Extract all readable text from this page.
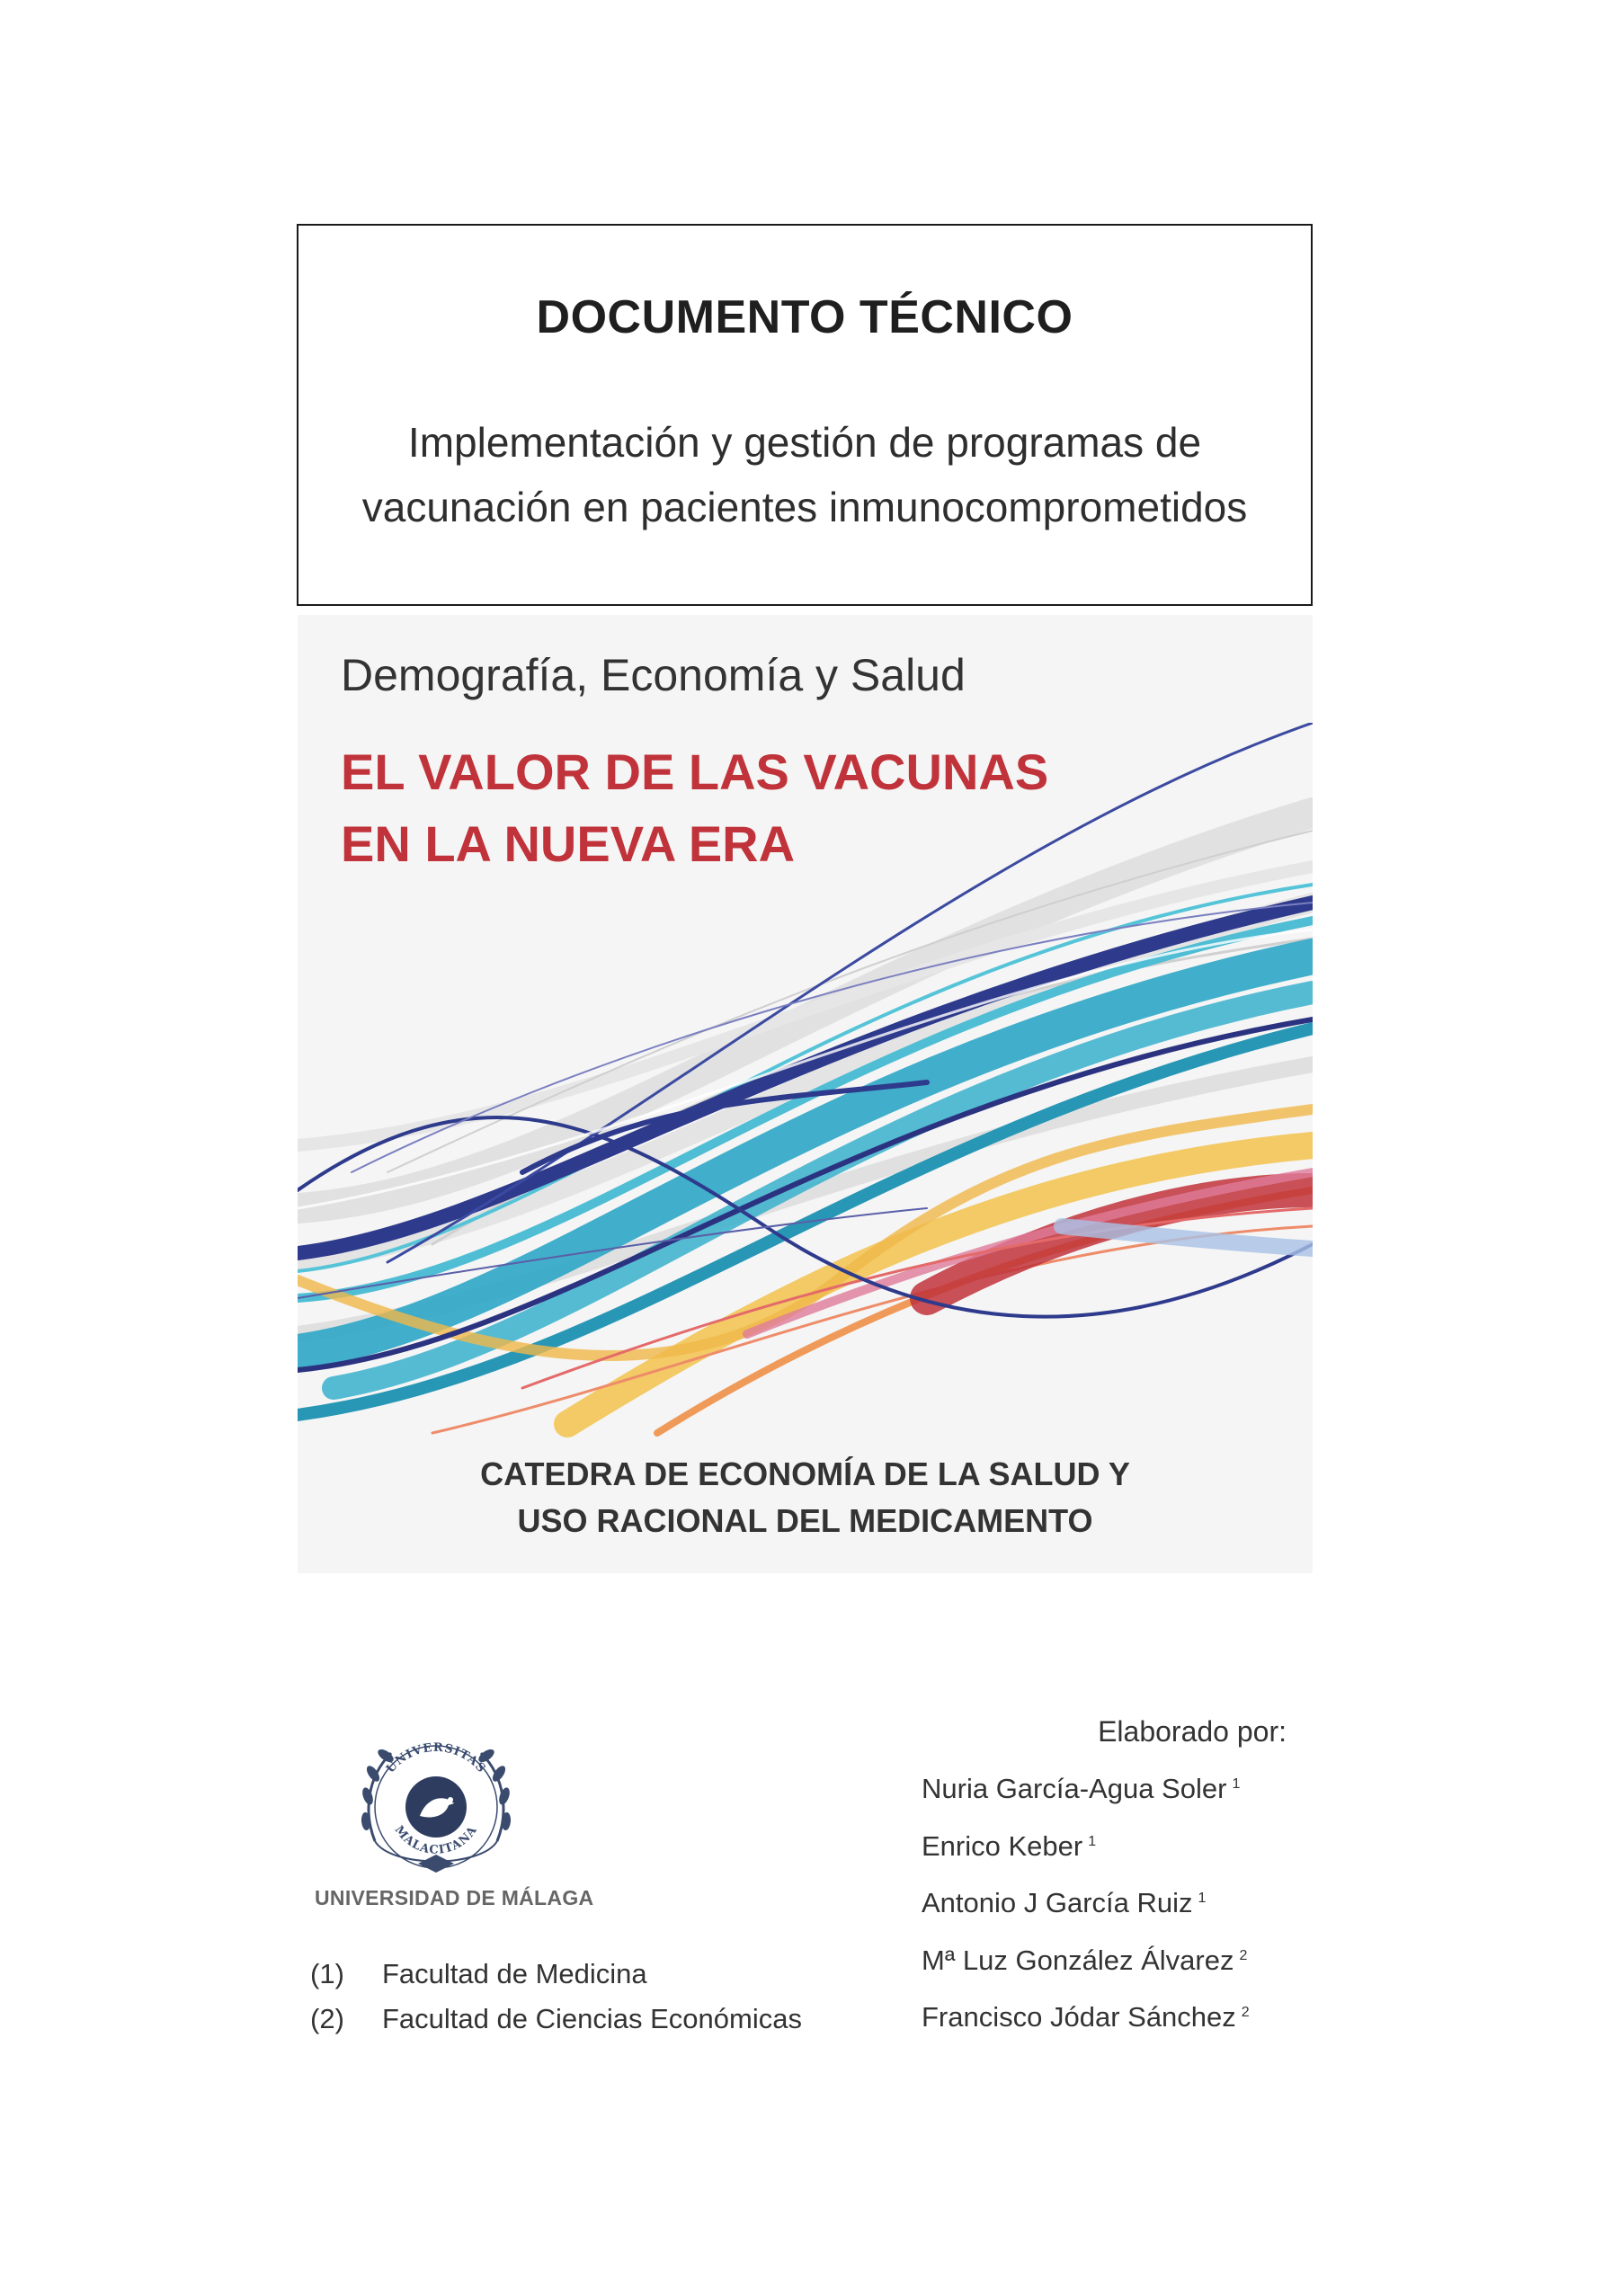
DOCUMENTO TÉCNICO
Implementación y gestión de programas de
vacunación en pacientes inmunocomprometidos
Demografía, Economía y Salud
EL VALOR DE LAS VACUNAS
EN LA NUEVA ERA
CATEDRA DE ECONOMÍA DE LA SALUD Y
USO RACIONAL DEL MEDICAMENTO
UNIVERSITAS
MALACITANA
UNIVERSIDAD DE MÁLAGA
(1) Facultad de Medicina
(2) Facultad de Ciencias Económicas
Elaborado por:
Nuria García-Agua Soler $^1$
Enrico Keber $^1$
Antonio J García Ruiz $^1$
Mª Luz González Álvarez $^2$
Francisco Jódar Sánchez $^2$
